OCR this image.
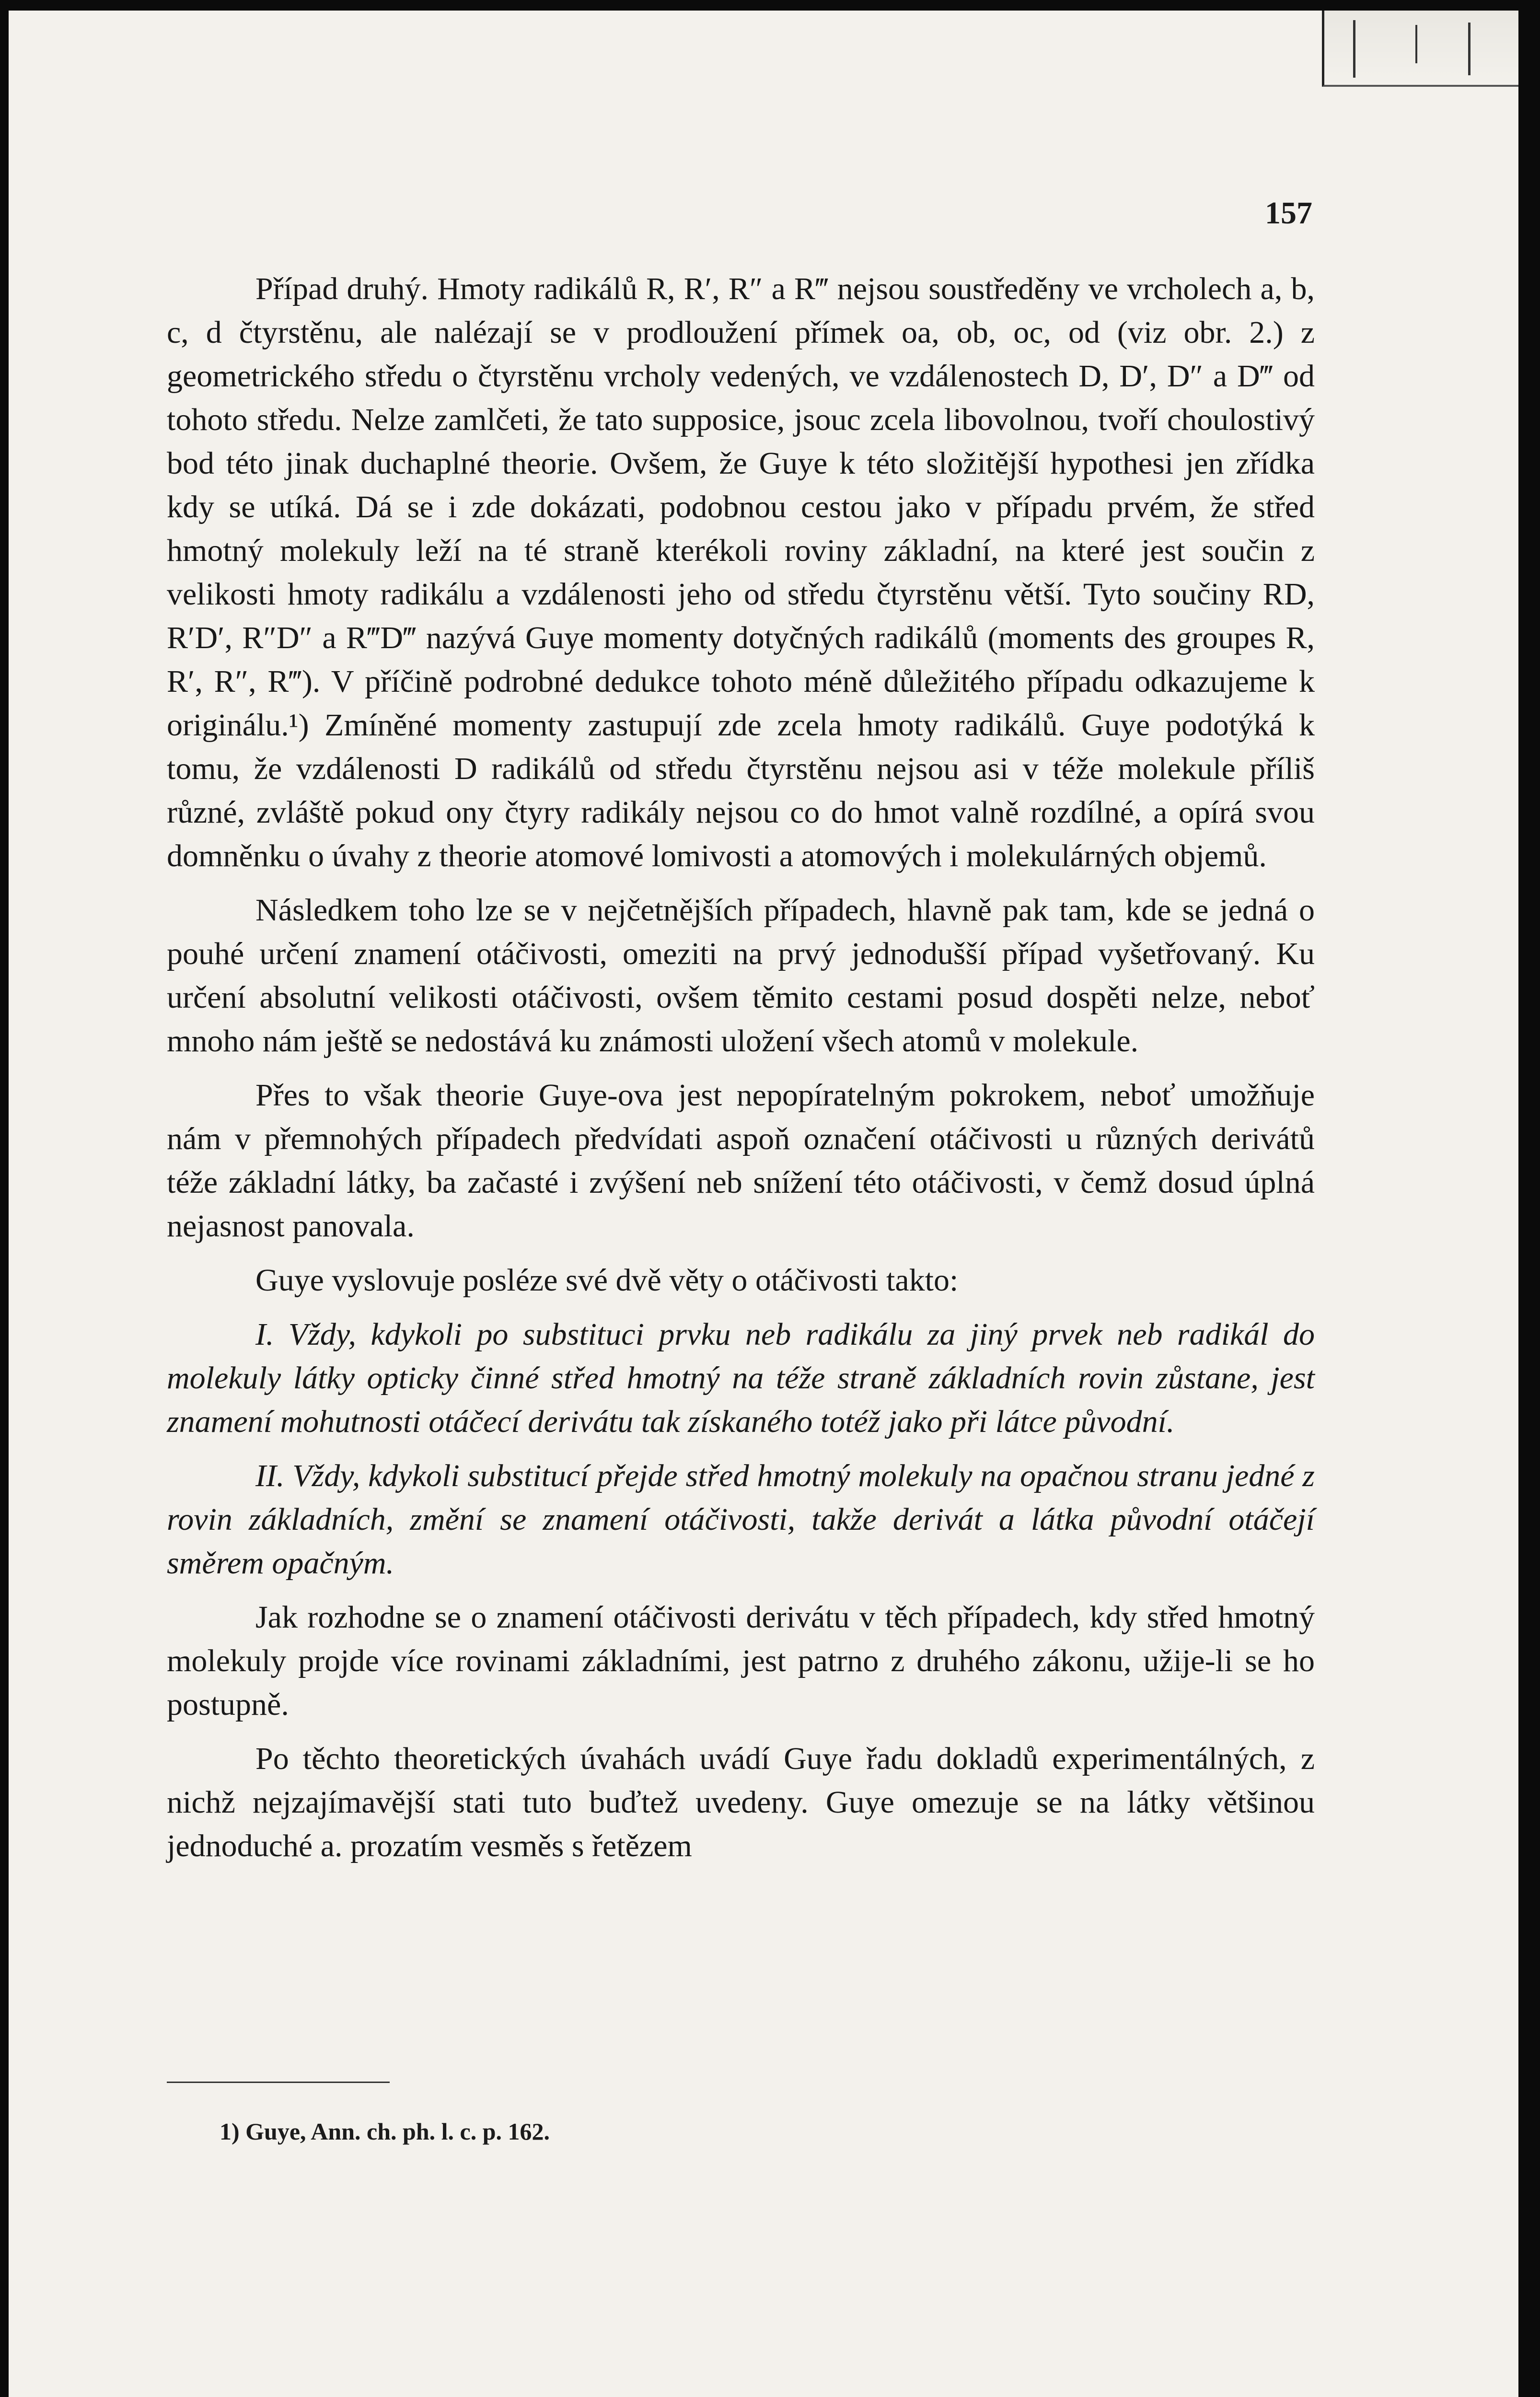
157

Případ druhý. Hmoty radikálů R, R′, R″ a R‴ nejsou soustředěny ve vrcholech a, b, c, d čtyrstěnu, ale nalézají se v prodloužení přímek oa, ob, oc, od (viz obr. 2.) z geometrického středu o čtyrstěnu vrcholy vedených, ve vzdálenostech D, D′, D″ a D‴ od tohoto středu. Nelze zamlčeti, že tato supposice, jsouc zcela libovolnou, tvoří choulostivý bod této jinak duchaplné theorie. Ovšem, že Guye k této složitější hypothesi jen zřídka kdy se utíká. Dá se i zde dokázati, podobnou cestou jako v případu prvém, že střed hmotný molekuly leží na té straně kterékoli roviny základní, na které jest součin z velikosti hmoty radikálu a vzdálenosti jeho od středu čtyrstěnu větší. Tyto součiny RD, R′D′, R″D″ a R‴D‴ nazývá Guye momenty dotyčných radikálů (moments des groupes R, R′, R″, R‴). V příčině podrobné dedukce tohoto méně důležitého případu odkazujeme k originálu.¹) Zmíněné momenty zastupují zde zcela hmoty radikálů. Guye podotýká k tomu, že vzdálenosti D radikálů od středu čtyrstěnu nejsou asi v téže molekule příliš různé, zvláště pokud ony čtyry radikály nejsou co do hmot valně rozdílné, a opírá svou domněnku o úvahy z theorie atomové lomivosti a atomových i molekulárných objemů.

Následkem toho lze se v nejčetnějších případech, hlavně pak tam, kde se jedná o pouhé určení znamení otáčivosti, omeziti na prvý jednodušší případ vyšetřovaný. Ku určení absolutní velikosti otáčivosti, ovšem těmito cestami posud dospěti nelze, neboť mnoho nám ještě se nedostává ku známosti uložení všech atomů v molekule.

Přes to však theorie Guye-ova jest nepopíratelným pokrokem, neboť umožňuje nám v přemnohých případech předvídati aspoň označení otáčivosti u různých derivátů téže základní látky, ba začasté i zvýšení neb snížení této otáčivosti, v čemž dosud úplná nejasnost panovala.

Guye vyslovuje posléze své dvě věty o otáčivosti takto:

I. Vždy, kdykoli po substituci prvku neb radikálu za jiný prvek neb radikál do molekuly látky opticky činné střed hmotný na téže straně základních rovin zůstane, jest znamení mohutnosti otáčecí derivátu tak získaného totéž jako při látce původní.

II. Vždy, kdykoli substitucí přejde střed hmotný molekuly na opačnou stranu jedné z rovin základních, změní se znamení otáčivosti, takže derivát a látka původní otáčejí směrem opačným.

Jak rozhodne se o znamení otáčivosti derivátu v těch případech, kdy střed hmotný molekuly projde více rovinami základními, jest patrno z druhého zákonu, užije-li se ho postupně.

Po těchto theoretických úvahách uvádí Guye řadu dokladů experimentálných, z nichž nejzajímavější stati tuto buďtež uvedeny. Guye omezuje se na látky většinou jednoduché a. prozatím vesměs s řetězem

1) Guye, Ann. ch. ph. l. c. p. 162.
